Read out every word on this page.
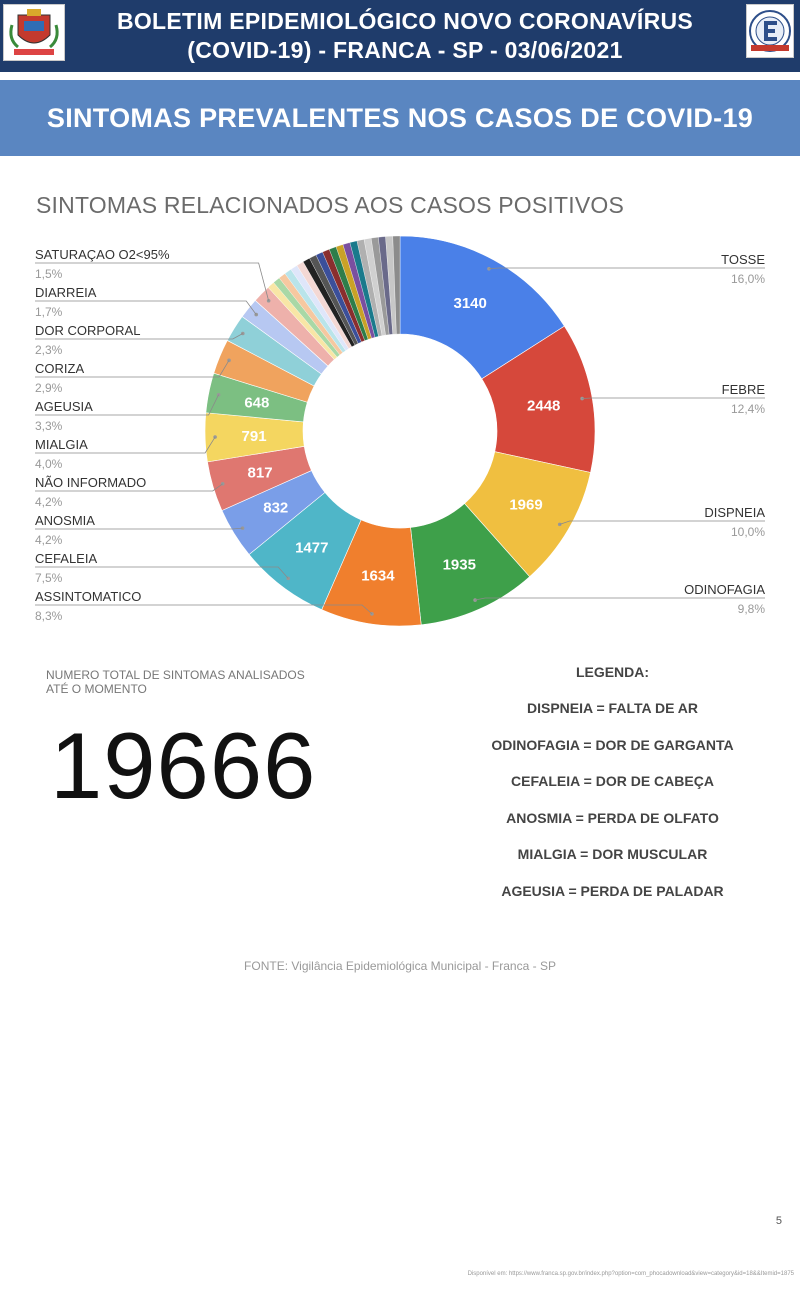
BOLETIM EPIDEMIOLÓGICO NOVO CORONAVÍRUS
(COVID-19) - FRANCA - SP - 03/06/2021
SINTOMAS PREVALENTES NOS CASOS DE COVID-19
SINTOMAS RELACIONADOS AOS CASOS POSITIVOS
3140
2448
1969
1935
1634
1477
832
817
791
648
TOSSE
16,0%
FEBRE
12,4%
DISPNEIA
10,0%
ODINOFAGIA
9,8%
SATURAÇAO O2<95%
1,5%
DIARREIA
1,7%
DOR CORPORAL
2,3%
CORIZA
2,9%
AGEUSIA
3,3%
MIALGIA
4,0%
NÃO INFORMADO
4,2%
ANOSMIA
4,2%
CEFALEIA
7,5%
ASSINTOMATICO
8,3%
NUMERO TOTAL DE SINTOMAS ANALISADOS
ATÉ O MOMENTO
19666
LEGENDA:
DISPNEIA = FALTA DE AR
ODINOFAGIA = DOR DE GARGANTA
CEFALEIA = DOR DE CABEÇA
ANOSMIA = PERDA DE OLFATO
MIALGIA = DOR MUSCULAR
AGEUSIA = PERDA DE PALADAR
FONTE: Vigilância Epidemiológica Municipal - Franca - SP
5
Disponível em: https://www.franca.sp.gov.br/index.php?option=com_phocadownload&view=category&id=18&&Itemid=1875
